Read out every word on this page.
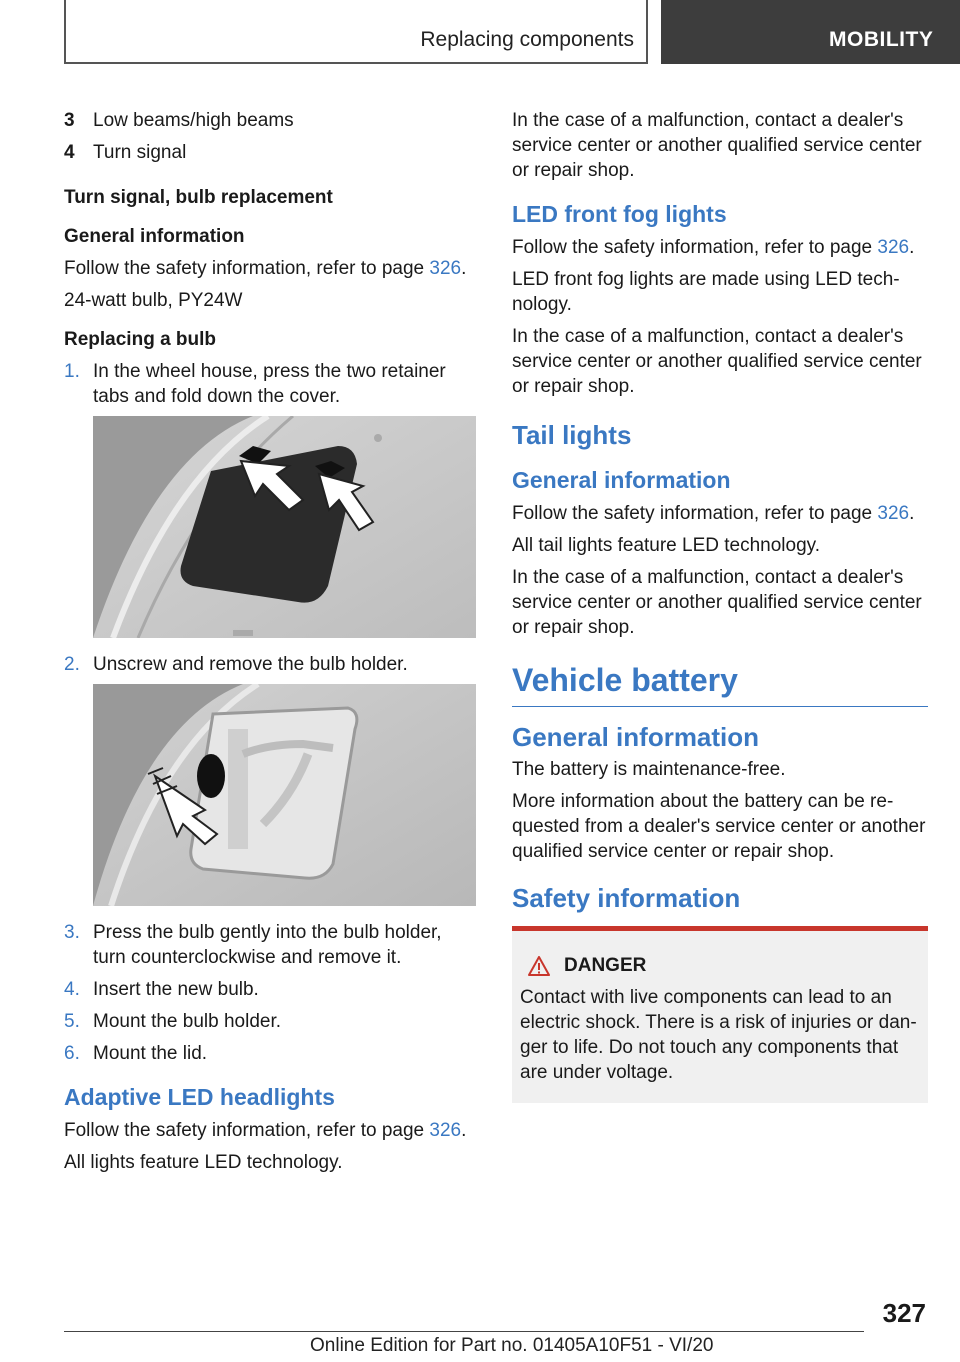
Replacing components	MOBILITY
3 Low beams/high beams
4 Turn signal
Turn signal, bulb replacement
General information

Follow the safety information, refer to page 326.

24-watt bulb, PY24W

Replacing a bulb
1. In the wheel house, press the two retainer tabs and fold down the cover.
2. Unscrew and remove the bulb holder.
3. Press the bulb gently into the bulb holder, turn counterclockwise and remove it.
4. Insert the new bulb.
5. Mount the bulb holder.
6. Mount the lid.
Adaptive LED headlights

Follow the safety information, refer to page 326.

All lights feature LED technology.

In the case of a malfunction, contact a dealer's service center or another qualified service center or repair shop.

LED front fog lights

Follow the safety information, refer to page 326.

LED front fog lights are made using LED technology.

In the case of a malfunction, contact a dealer's service center or another qualified service center or repair shop.

Tail lights
General information

Follow the safety information, refer to page 326.

All tail lights feature LED technology.

In the case of a malfunction, contact a dealer's service center or another qualified service center or repair shop.

Vehicle battery
General information

The battery is maintenance-free.

More information about the battery can be requested from a dealer's service center or another qualified service center or repair shop.

Safety information
DANGER

Contact with live components can lead to an electric shock. There is a risk of injuries or danger to life. Do not touch any components that are under voltage.

327
Online Edition for Part no. 01405A10F51 - VI/20
